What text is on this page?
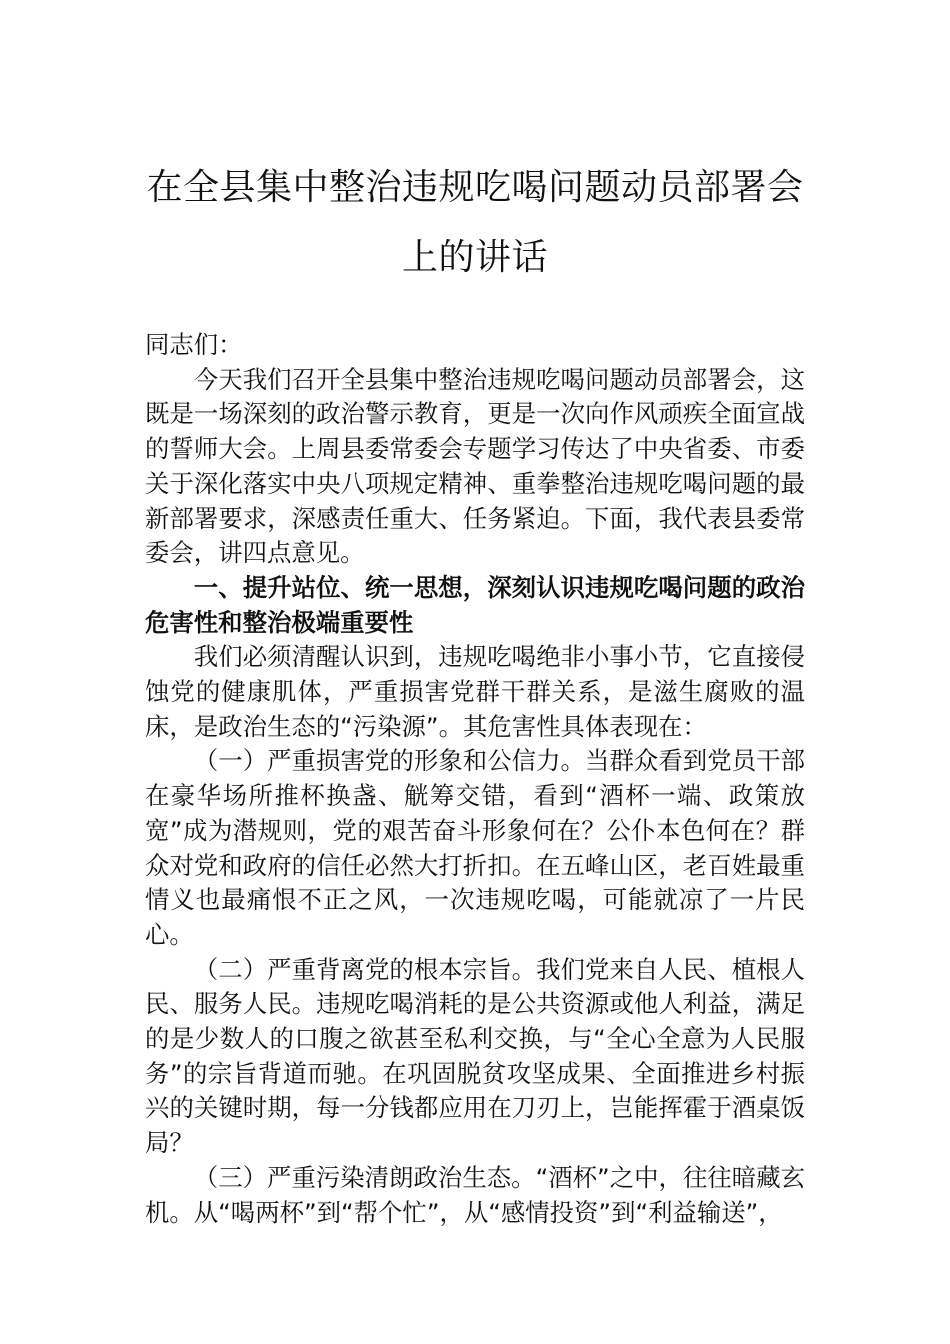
在全县集中整治违规吃喝问题动员部署会
上的讲话

同志们：

今天我们召开全县集中整治违规吃喝问题动员部署会，这既是一场深刻的政治警示教育，更是一次向作风顽疾全面宣战的誓师大会。上周县委常委会专题学习传达了中央省委、市委关于深化落实中央八项规定精神、重拳整治违规吃喝问题的最新部署要求，深感责任重大、任务紧迫。下面，我代表县委常委会，讲四点意见。

一、提升站位、统一思想，深刻认识违规吃喝问题的政治危害性和整治极端重要性

我们必须清醒认识到，违规吃喝绝非小事小节，它直接侵蚀党的健康肌体，严重损害党群干群关系，是滋生腐败的温床，是政治生态的“污染源”。其危害性具体表现在：

（一）严重损害党的形象和公信力。当群众看到党员干部在豪华场所推杯换盏、觥筹交错，看到“酒杯一端、政策放宽”成为潜规则，党的艰苦奋斗形象何在？公仆本色何在？群众对党和政府的信任必然大打折扣。在五峰山区，老百姓最重情义也最痛恨不正之风，一次违规吃喝，可能就凉了一片民心。

（二）严重背离党的根本宗旨。我们党来自人民、植根人民、服务人民。违规吃喝消耗的是公共资源或他人利益，满足的是少数人的口腹之欲甚至私利交换，与“全心全意为人民服务”的宗旨背道而驰。在巩固脱贫攻坚成果、全面推进乡村振兴的关键时期，每一分钱都应用在刀刃上，岂能挥霍于酒桌饭局？

（三）严重污染清朗政治生态。“酒杯”之中，往往暗藏玄机。从“喝两杯”到“帮个忙”，从“感情投资”到“利益输送”，
